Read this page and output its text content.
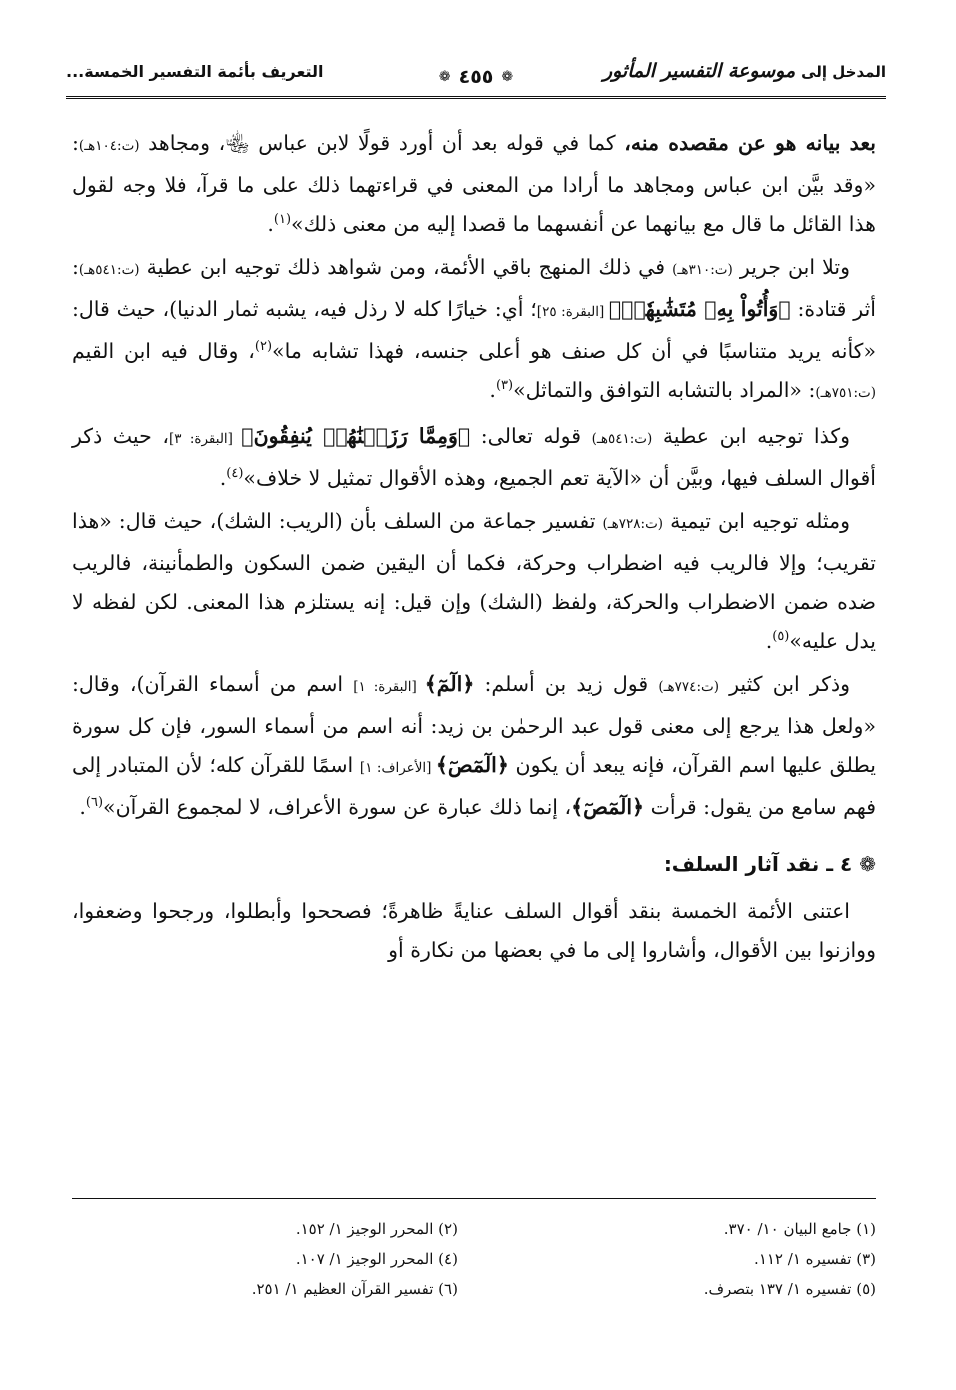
المدخل إلى
موسوعة التفسير المأثور
❁
٤٥٥
❁
التعريف بأئمة التفسير الخمسة...

بعد بيانه هو عن مقصده منه، كما في قوله بعد أن أورد قولًا لابن عباس ﵄، ومجاهد (ت:١٠٤هـ): «وقد بيَّن ابن عباس ومجاهد ما أرادا من المعنى في قراءتهما ذلك على ما قرآ، فلا وجه لقول هذا القائل ما قال مع بيانهما عن أنفسهما ما قصدا إليه من معنى ذلك»$^{(١)}$.

وتلا ابن جرير (ت:٣١٠هـ) في ذلك المنهج باقي الأئمة، ومن شواهد ذلك توجيه ابن عطية (ت:٥٤١هـ): أثر قتادة: ﴿وَأُتُواْ بِهِۦ مُتَشَٰبِهٗاۖ﴾ [البقرة: ٢٥]؛ أي: خيارًا كله لا رذل فيه، يشبه ثمار الدنيا)، حيث قال: «كأنه يريد متناسبًا في أن كل صنف هو أعلى جنسه، فهذا تشابه ما»$^{(٢)}$، وقال فيه ابن القيم (ت:٧٥١هـ): «المراد بالتشابه التوافق والتماثل»$^{(٣)}$.

وكذا توجيه ابن عطية (ت:٥٤١هـ) قوله تعالى: ﴿وَمِمَّا رَزَقۡنَٰهُمۡ يُنفِقُونَ﴾ [البقرة: ٣]، حيث ذكر أقوال السلف فيها، وبيَّن أن «الآية تعم الجميع، وهذه الأقوال تمثيل لا خلاف»$^{(٤)}$.

ومثله توجيه ابن تيمية (ت:٧٢٨هـ) تفسير جماعة من السلف بأن (الريب: الشك)، حيث قال: «هذا تقريب؛ وإلا فالريب فيه اضطراب وحركة، فكما أن اليقين ضمن السكون والطمأنينة، فالريب ضده ضمن الاضطراب والحركة، ولفظ (الشك) وإن قيل: إنه يستلزم هذا المعنى. لكن لفظه لا يدل عليه»$^{(٥)}$.

وذكر ابن كثير (ت:٧٧٤هـ) قول زيد بن أسلم: ﴿الٓمٓ﴾ [البقرة: ١] اسم من أسماء القرآن)، وقال: «ولعل هذا يرجع إلى معنى قول عبد الرحمٰن بن زيد: أنه اسم من أسماء السور، فإن كل سورة يطلق عليها اسم القرآن، فإنه يبعد أن يكون ﴿الٓمٓصٓ﴾ [الأعراف: ١] اسمًا للقرآن كله؛ لأن المتبادر إلى فهم سامع من يقول: قرأت ﴿الٓمٓصٓ﴾، إنما ذلك عبارة عن سورة الأعراف، لا لمجموع القرآن»$^{(٦)}$.

❁ ٤ ـ نقد آثار السلف:

اعتنى الأئمة الخمسة بنقد أقوال السلف عنايةً ظاهرةً؛ فصححوا وأبطلوا، ورجحوا وضعفوا، ووازنوا بين الأقوال، وأشاروا إلى ما في بعضها من نكارة أو

(١) جامع البيان ١٠/ ٣٧٠.
(٣) تفسيره ١/ ١١٢.
(٥) تفسيره ١/ ١٣٧ بتصرف.
(٢) المحرر الوجيز ١/ ١٥٢.
(٤) المحرر الوجيز ١/ ١٠٧.
(٦) تفسير القرآن العظيم ١/ ٢٥١.
